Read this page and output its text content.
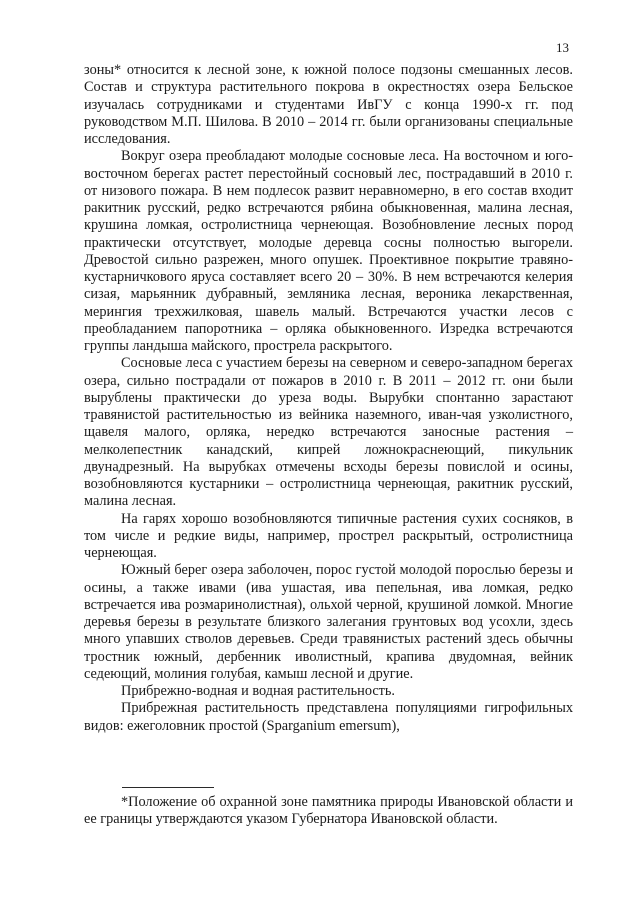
13

зоны* относится к лесной зоне, к южной полосе подзоны смешанных лесов. Состав и структура растительного покрова в окрестностях озера Бельское изучалась сотрудниками и студентами ИвГУ с конца 1990-х гг. под руководством М.П. Шилова. В 2010 – 2014 гг. были организованы специальные исследования.

Вокруг озера преобладают молодые сосновые леса. На восточном и юго-восточном берегах растет перестойный сосновый лес, пострадавший в 2010 г. от низового пожара. В нем подлесок развит неравномерно, в его состав входит ракитник русский, редко встречаются рябина обыкновенная, малина лесная, крушина ломкая, остролистница чернеющая. Возобновление лесных пород практически отсутствует, молодые деревца сосны полностью выгорели. Древостой сильно разрежен, много опушек. Проективное покрытие травяно-кустарничкового яруса составляет всего 20 – 30%. В нем встречаются келерия сизая, марьянник дубравный, земляника лесная, вероника лекарственная, мерингия трехжилковая, шавель малый. Встречаются участки лесов с преобладанием папоротника – орляка обыкновенного. Изредка встречаются группы ландыша майского, прострела раскрытого.

Сосновые леса с участием березы на северном и северо-западном берегах озера, сильно пострадали от пожаров в 2010 г. В 2011 – 2012 гг. они были вырублены практически до уреза воды. Вырубки спонтанно зарастают травянистой растительностью из вейника наземного, иван-чая узколистного, щавеля малого, орляка, нередко встречаются заносные растения – мелколепестник канадский, кипрей ложнокраснеющий, пикульник двунадрезный. На вырубках отмечены всходы березы повислой и осины, возобновляются кустарники – остролистница чернеющая, ракитник русский, малина лесная.

На гарях хорошо возобновляются типичные растения сухих сосняков, в том числе и редкие виды, например, прострел раскрытый, остролистница чернеющая.

Южный берег озера заболочен, порос густой молодой порослью березы и осины, а также ивами (ива ушастая, ива пепельная, ива ломкая, редко встречается ива розмаринолистная), ольхой черной, крушиной ломкой. Многие деревья березы в результате близкого залегания грунтовых вод усохли, здесь много упавших стволов деревьев. Среди травянистых растений здесь обычны тростник южный, дербенник иволистный, крапива двудомная, вейник седеющий, молиния голубая, камыш лесной и другие.

Прибрежно-водная и водная растительность.

Прибрежная растительность представлена популяциями гигрофильных видов: ежеголовник простой (Sparganium emersum),

*Положение об охранной зоне памятника природы Ивановской области и ее границы утверждаются указом Губернатора Ивановской области.
